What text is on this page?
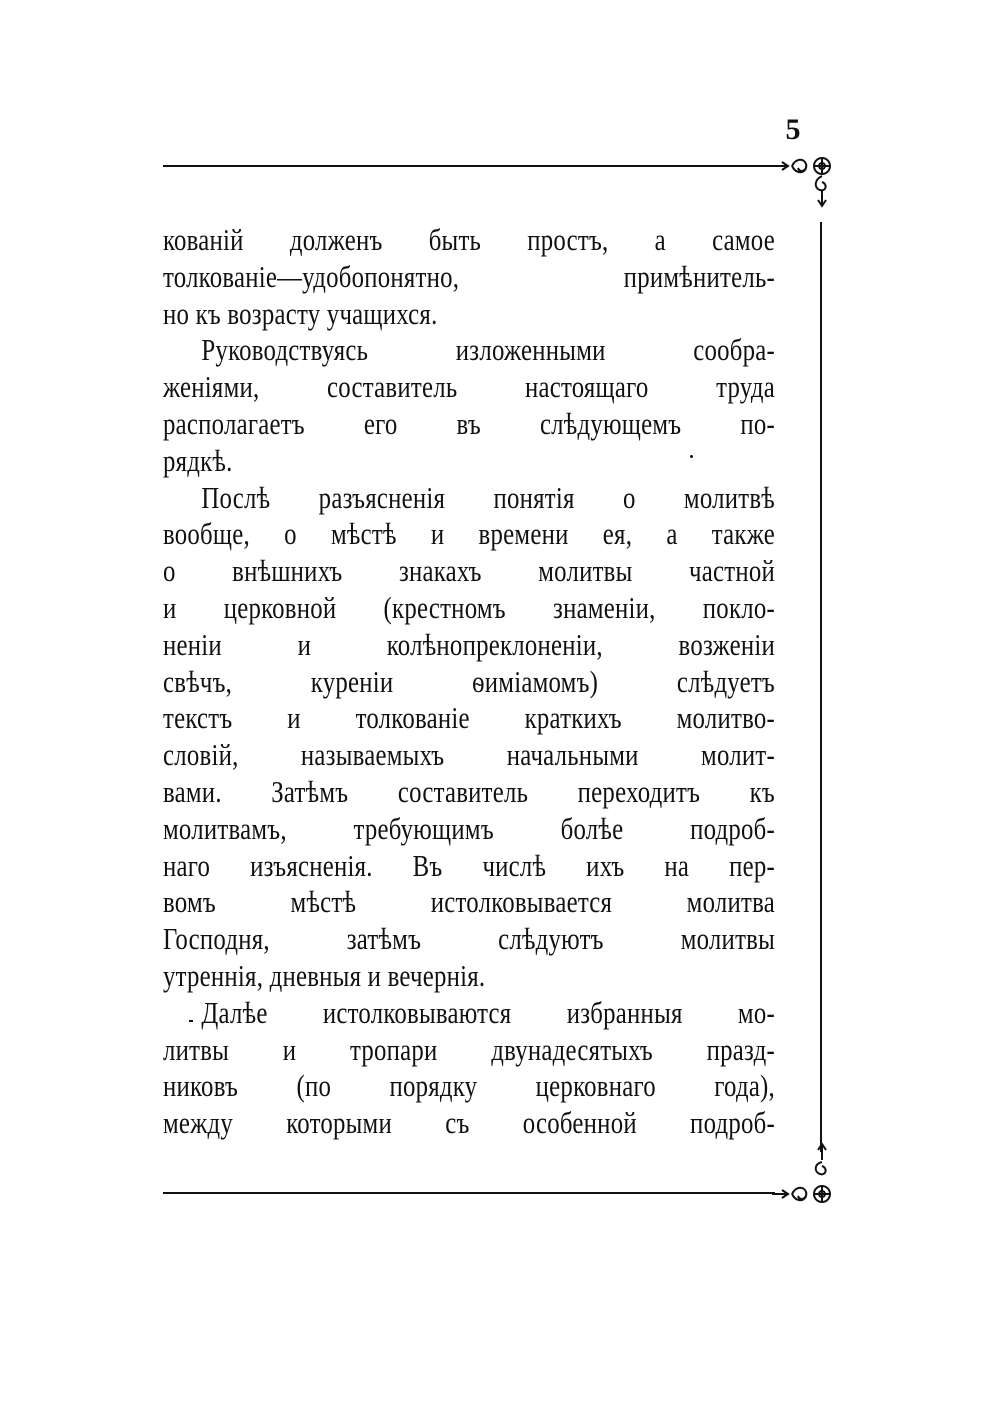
5
кованій долженъ быть простъ, а самое
толкованіе—удобопонятно, примѣнитель-
но къ возрасту учащихся.
Руководствуясь изложенными сообра-
женіями, составитель настоящаго труда
располагаетъ его въ слѣдующемъ по-
рядкѣ.
Послѣ разъясненія понятія о молитвѣ
вообще, о мѣстѣ и времени ея, а также
о внѣшнихъ знакахъ молитвы частной
и церковной (крестномъ знаменіи, покло-
неніи и колѣнопреклоненіи, возженіи
свѣчъ, куреніи ѳиміамомъ) слѣдуетъ
текстъ и толкованіе краткихъ молитво-
словій, называемыхъ начальными молит-
вами. Затѣмъ составитель переходитъ къ
молитвамъ, требующимъ болѣе подроб-
наго изъясненія. Въ числѣ ихъ на пер-
вомъ мѣстѣ истолковывается молитва
Господня, затѣмъ слѣдуютъ молитвы
утреннія, дневныя и вечернія.
Далѣе истолковываются избранныя мо-
литвы и тропари двунадесятыхъ празд-
никовъ (по порядку церковнаго года),
между которыми съ особенной подроб-
